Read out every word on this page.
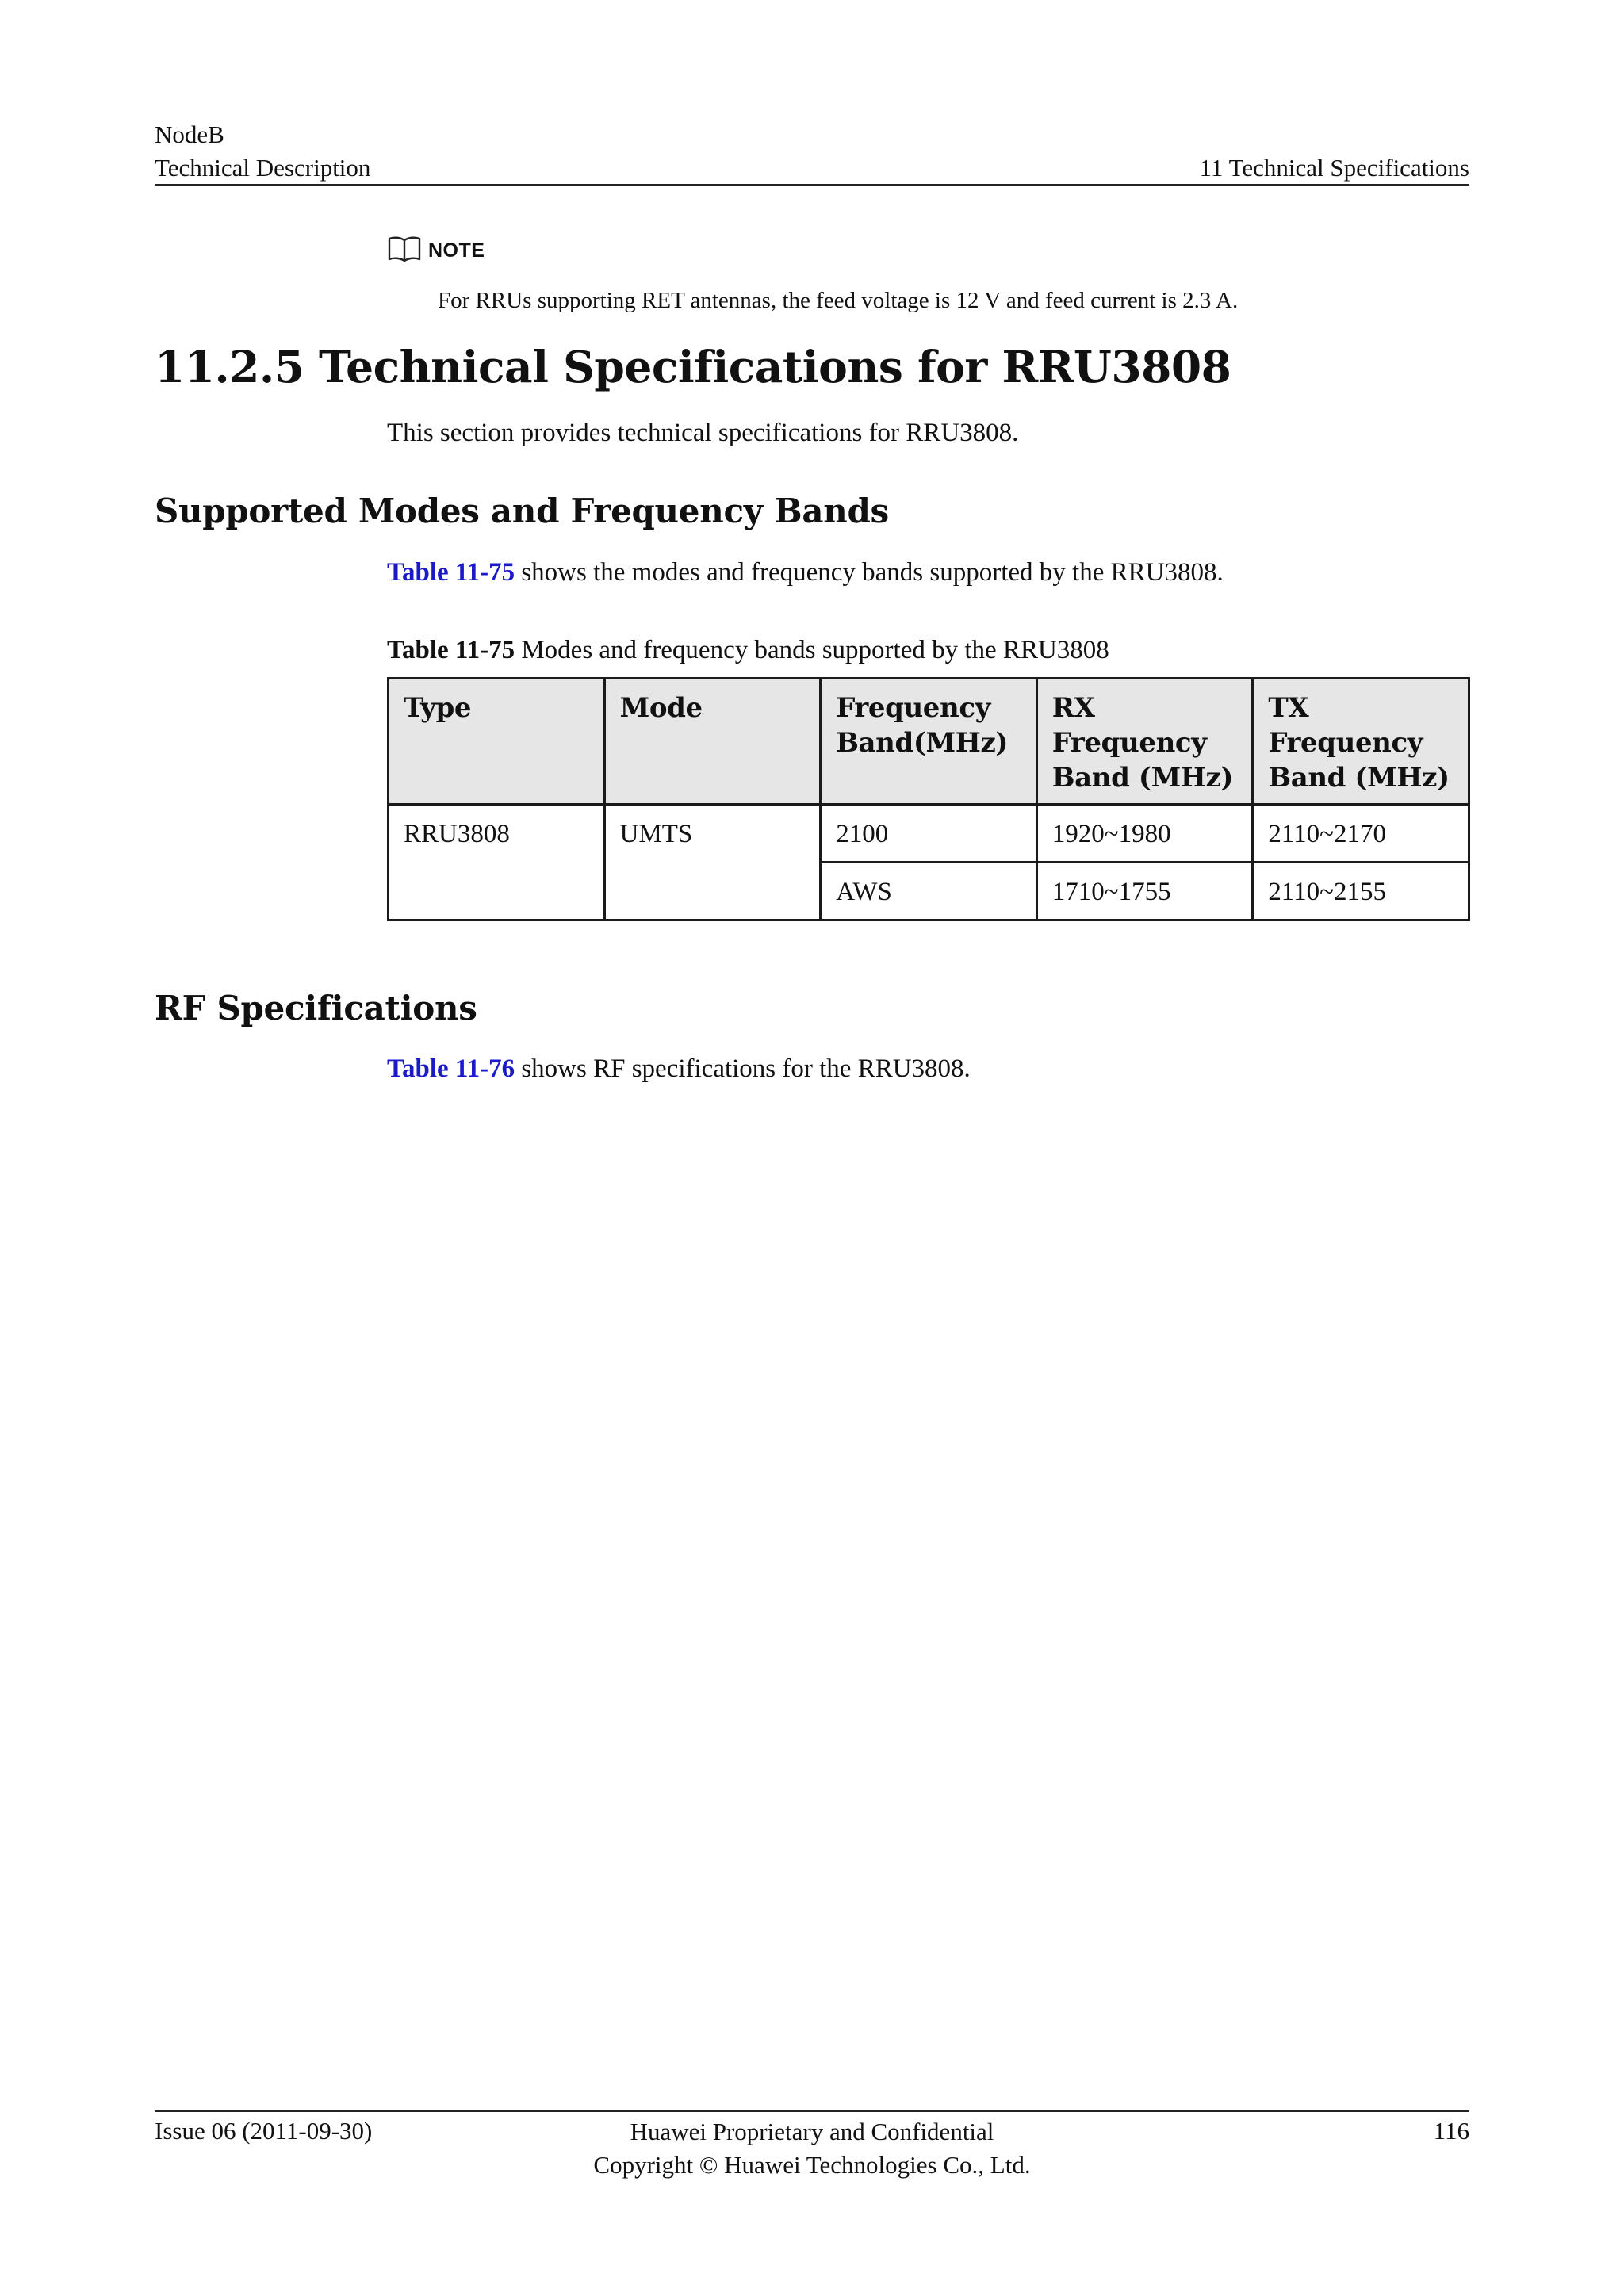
NodeB
Technical Description	11 Technical Specifications
NOTE
For RRUs supporting RET antennas, the feed voltage is 12 V and feed current is 2.3 A.
11.2.5 Technical Specifications for RRU3808
This section provides technical specifications for RRU3808.
Supported Modes and Frequency Bands
Table 11-75 shows the modes and frequency bands supported by the RRU3808.
Table 11-75 Modes and frequency bands supported by the RRU3808
Type	Mode	Frequency Band(MHz)	RX Frequency Band (MHz)	TX Frequency Band (MHz)
RRU3808	UMTS	2100	1920~1980	2110~2170
		AWS	1710~1755	2110~2155
RF Specifications
Table 11-76 shows RF specifications for the RRU3808.
Issue 06 (2011-09-30)	Huawei Proprietary and Confidential
Copyright © Huawei Technologies Co., Ltd.
116
